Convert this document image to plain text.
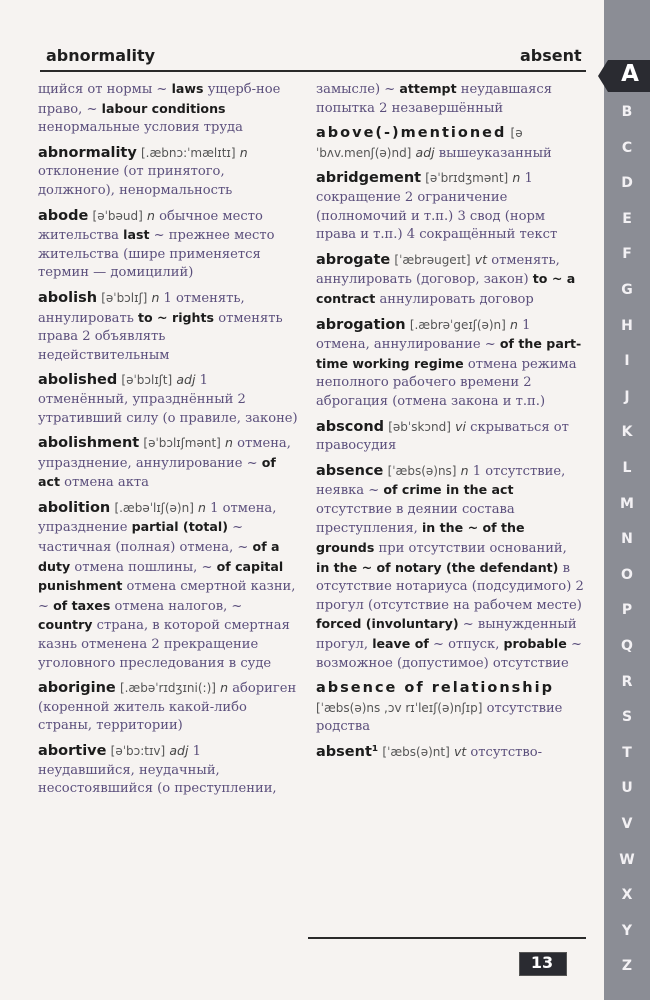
abnormality	absent

щийся от нормы ~ laws ущерб-ное право, ~ labour conditions ненормальные условия труда

abnormality [.æbnɔ:ˈmælɪtɪ] n отклонение (от принятого, должного), ненормальность

abode [əˈbəud] n обычное место жительства last ~ прежнее место жительства (шире применяется термин — домицилий)

abolish [əˈbɔlɪʃ] n 1 отменять, аннулировать to ~ rights отменять права 2 объявлять недействительным

abolished [əˈbɔlɪʃt] adj 1 отменённый, упразднённый 2 утративший силу (о правиле, законе)

abolishment [əˈbɔlɪʃmənt] n отмена, упразднение, аннулирование ~ of act отмена акта

abolition [.æbəˈlɪʃ(ə)n] n 1 отмена, упразднение partial (total) ~ частичная (полная) отмена, ~ of a duty отмена пошлины, ~ of capital punishment отмена смертной казни, ~ of taxes отмена налогов, ~ country страна, в которой смертная казнь отменена 2 прекращение уголовного преследования в суде

aborigine [.æbəˈrɪdʒɪni(:)] n абориген (коренной житель какой-либо страны, территории)

abortive [əˈbɔ:tɪv] adj 1 неудавшийся, неудачный, несостоявшийся (о преступлении,

замысле) ~ attempt неудавшаяся попытка 2 незавершённый

above(-)mentioned [əˈbʌv.menʃ(ə)nd] adj вышеуказанный

abridgement [əˈbrɪdʒmənt] n 1 сокращение 2 ограничение (полномочий и т.п.) 3 свод (норм права и т.п.) 4 сокращённый текст

abrogate [ˈæbrəugeɪt] vt отменять, аннулировать (договор, закон) to ~ a contract аннулировать договор

abrogation [.æbrəˈgeɪʃ(ə)n] n 1 отмена, аннулирование ~ of the part-time working regime отмена режима неполного рабочего времени 2 аброгация (отмена закона и т.п.)

abscond [əbˈskɔnd] vi скрываться от правосудия

absence [ˈæbs(ə)ns] n 1 отсутствие, неявка ~ of crime in the act отсутствие в деянии состава преступления, in the ~ of the grounds при отсутствии оснований, in the ~ of notary (the defendant) в отсутствие нотариуса (подсудимого) 2 прогул (отсутствие на рабочем месте) forced (involuntary) ~ вынужденный прогул, leave of ~ отпуск, probable ~ возможное (допустимое) отсутствие

absence of relationship [ˈæbs(ə)ns ,ɔv rɪˈleɪʃ(ə)nʃɪp] отсутствие родства

absent¹ [ˈæbs(ə)nt] vt отсутство-

A
B
C
D
E
F
G
H
I
J
K
L
M
N
O
P
Q
R
S
T
U
V
W
X
Y
Z
13
